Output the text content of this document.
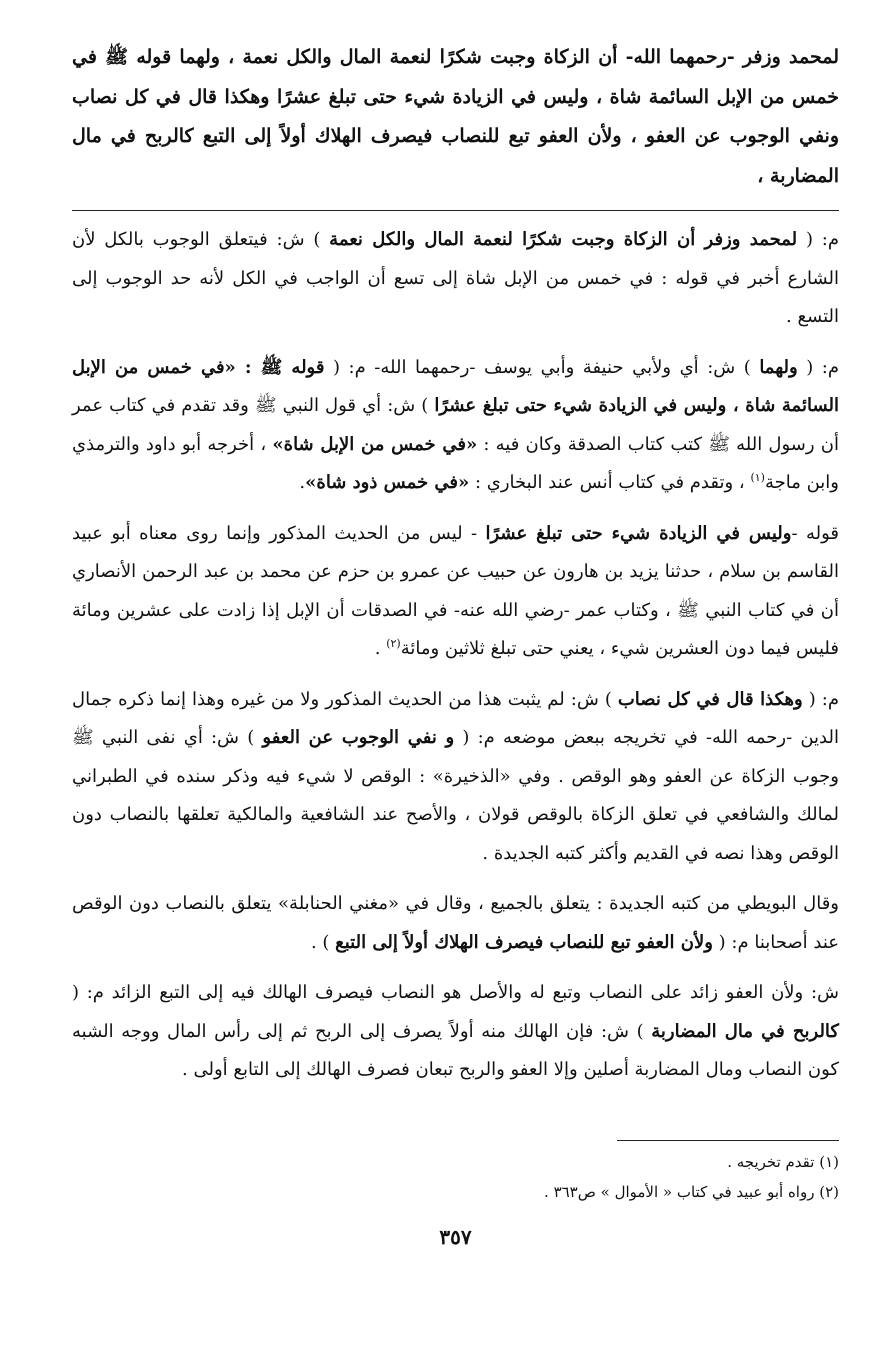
لمحمد وزفر -رحمهما الله- أن الزكاة وجبت شكرًا لنعمة المال والكل نعمة ، ولهما قوله ﷺ في خمس من الإبل السائمة شاة ، وليس في الزيادة شيء حتى تبلغ عشرًا وهكذا قال في كل نصاب ونفي الوجوب عن العفو ، ولأن العفو تبع للنصاب فيصرف الهلاك أولاً إلى التبع كالربح في مال المضاربة ،

م: ( لمحمد وزفر أن الزكاة وجبت شكرًا لنعمة المال والكل نعمة ) ش: فيتعلق الوجوب بالكل لأن الشارع أخبر في قوله : في خمس من الإبل شاة إلى تسع أن الواجب في الكل لأنه حد الوجوب إلى التسع .

م: ( ولهما ) ش: أي ولأبي حنيفة وأبي يوسف -رحمهما الله- م: ( قوله ﷺ : «في خمس من الإبل السائمة شاة ، وليس في الزيادة شيء حتى تبلغ عشرًا ) ش: أي قول النبي ﷺ وقد تقدم في كتاب عمر أن رسول الله ﷺ كتب كتاب الصدقة وكان فيه : «في خمس من الإبل شاة» ، أخرجه أبو داود والترمذي وابن ماجة$^{(١)}$ ، وتقدم في كتاب أنس عند البخاري : «في خمس ذود شاة».

قوله -وليس في الزيادة شيء حتى تبلغ عشرًا - ليس من الحديث المذكور وإنما روى معناه أبو عبيد القاسم بن سلام ، حدثنا يزيد بن هارون عن حبيب عن عمرو بن حزم عن محمد بن عبد الرحمن الأنصاري أن في كتاب النبي ﷺ ، وكتاب عمر -رضي الله عنه- في الصدقات أن الإبل إذا زادت على عشرين ومائة فليس فيما دون العشرين شيء ، يعني حتى تبلغ ثلاثين ومائة$^{(٢)}$ .

م: ( وهكذا قال في كل نصاب ) ش: لم يثبت هذا من الحديث المذكور ولا من غيره وهذا إنما ذكره جمال الدين -رحمه الله- في تخريجه ببعض موضعه م: ( و نفي الوجوب عن العفو ) ش: أي نفى النبي ﷺ وجوب الزكاة عن العفو وهو الوقص . وفي «الذخيرة» : الوقص لا شيء فيه وذكر سنده في الطبراني لمالك والشافعي في تعلق الزكاة بالوقص قولان ، والأصح عند الشافعية والمالكية تعلقها بالنصاب دون الوقص وهذا نصه في القديم وأكثر كتبه الجديدة .

وقال البويطي من كتبه الجديدة : يتعلق بالجميع ، وقال في «مغني الحنابلة» يتعلق بالنصاب دون الوقص عند أصحابنا م: ( ولأن العفو تبع للنصاب فيصرف الهلاك أولاً إلى التبع ) .

ش: ولأن العفو زائد على النصاب وتبع له والأصل هو النصاب فيصرف الهالك فيه إلى التبع الزائد م: ( كالربح في مال المضاربة ) ش: فإن الهالك منه أولاً يصرف إلى الربح ثم إلى رأس المال ووجه الشبه كون النصاب ومال المضاربة أصلين وإلا العفو والربح تبعان فصرف الهالك إلى التابع أولى .

(١) تقدم تخريجه .

(٢) رواه أبو عبيد في كتاب « الأموال » ص٣٦٣ .

٣٥٧
